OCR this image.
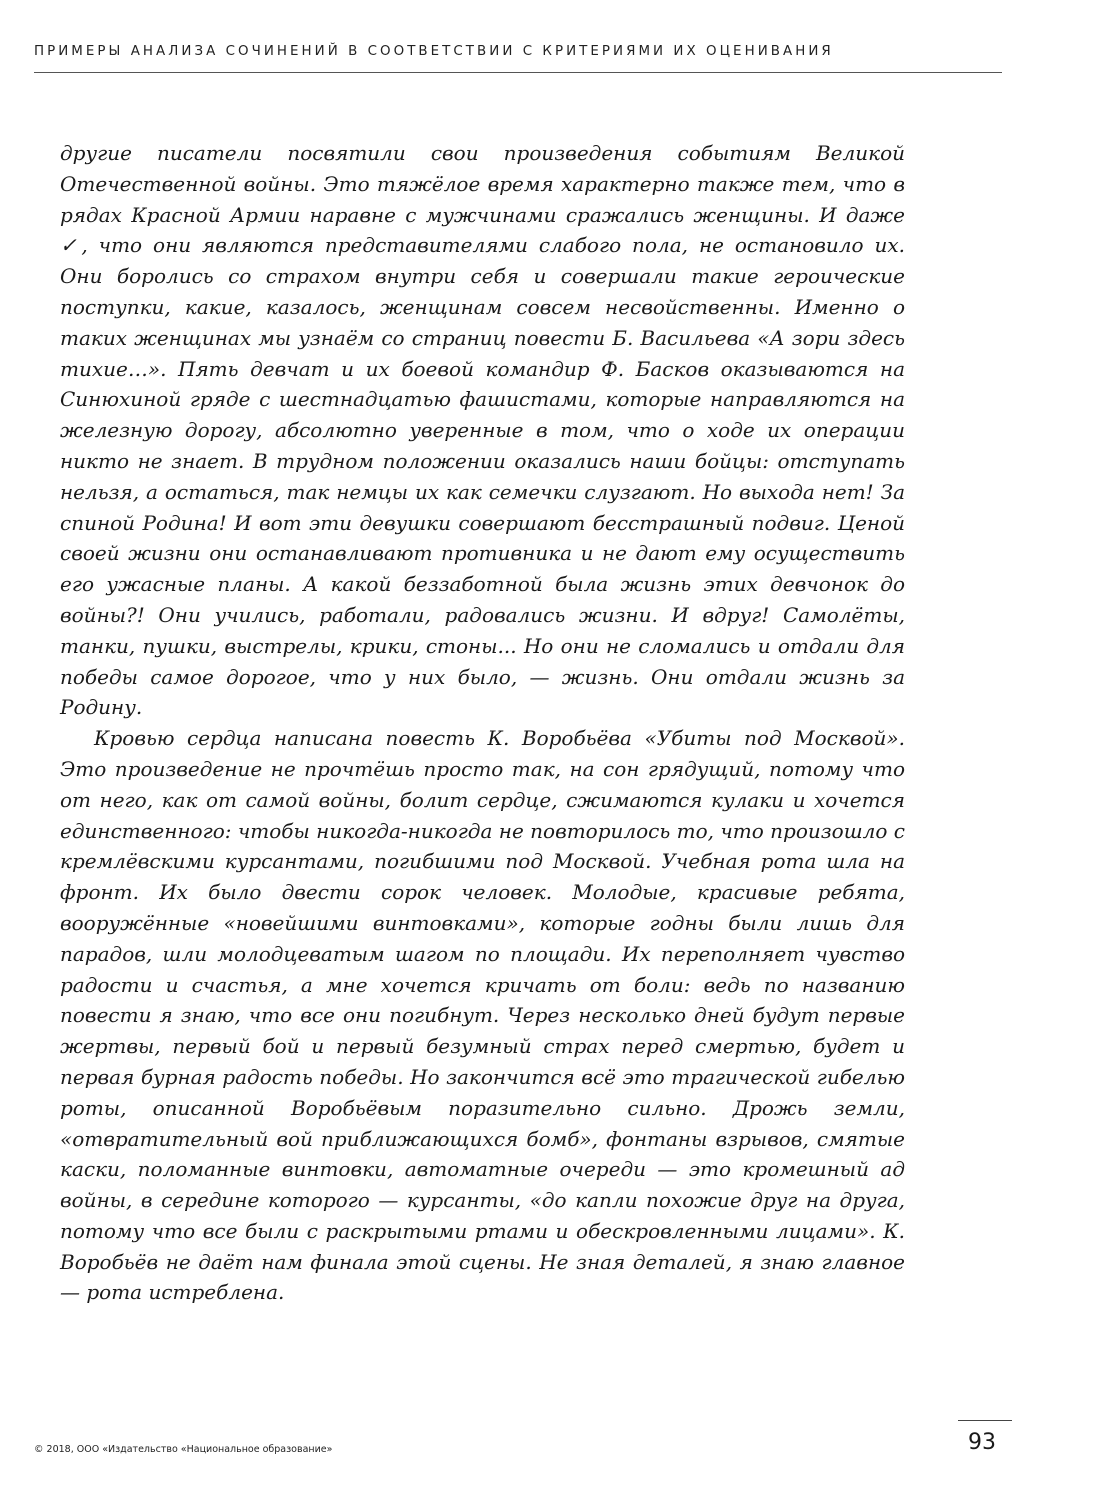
ПРИМЕРЫ АНАЛИЗА СОЧИНЕНИЙ В СООТВЕТСТВИИ С КРИТЕРИЯМИ ИХ ОЦЕНИВАНИЯ

другие писатели посвятили свои произведения событиям Великой Отечественной войны. Это тяжёлое время характерно также тем, что в рядах Красной Армии наравне с мужчинами сражались женщины. И даже ✓, что они являются представителями слабого пола, не остановило их. Они боролись со страхом внутри себя и совершали такие героические поступки, какие, казалось, женщинам совсем несвойственны. Именно о таких женщинах мы узнаём со страниц повести Б. Васильева «А зори здесь тихие…». Пять девчат и их боевой командир Ф. Басков оказываются на Синюхиной гряде с шестнадцатью фашистами, которые направляются на железную дорогу, абсолютно уверенные в том, что о ходе их операции никто не знает. В трудном положении оказались наши бойцы: отступать нельзя, а остаться, так немцы их как семечки слузгают. Но выхода нет! За спиной Родина! И вот эти девушки совершают бесстрашный подвиг. Ценой своей жизни они останавливают противника и не дают ему осуществить его ужасные планы. А какой беззаботной была жизнь этих девчонок до войны?! Они учились, работали, радовались жизни. И вдруг! Самолёты, танки, пушки, выстрелы, крики, стоны... Но они не сломались и отдали для победы самое дорогое, что у них было, — жизнь. Они отдали жизнь за Родину.

Кровью сердца написана повесть К. Воробьёва «Убиты под Москвой». Это произведение не прочтёшь просто так, на сон грядущий, потому что от него, как от самой войны, болит сердце, сжимаются кулаки и хочется единственного: чтобы никогда-никогда не повторилось то, что произошло с кремлёвскими курсантами, погибшими под Москвой. Учебная рота шла на фронт. Их было двести сорок человек. Молодые, красивые ребята, вооружённые «новейшими винтовками», которые годны были лишь для парадов, шли молодцеватым шагом по площади. Их переполняет чувство радости и счастья, а мне хочется кричать от боли: ведь по названию повести я знаю, что все они погибнут. Через несколько дней будут первые жертвы, первый бой и первый безумный страх перед смертью, будет и первая бурная радость победы. Но закончится всё это трагической гибелью роты, описанной Воробьёвым поразительно сильно. Дрожь земли, «отвратительный вой приближающихся бомб», фонтаны взрывов, смятые каски, поломанные винтовки, автоматные очереди — это кромешный ад войны, в середине которого — курсанты, «до капли похожие друг на друга, потому что все были с раскрытыми ртами и обескровленными лицами». К. Воробьёв не даёт нам финала этой сцены. Не зная деталей, я знаю главное — рота истреблена.

© 2018, ООО «Издательство «Национальное образование»	93
